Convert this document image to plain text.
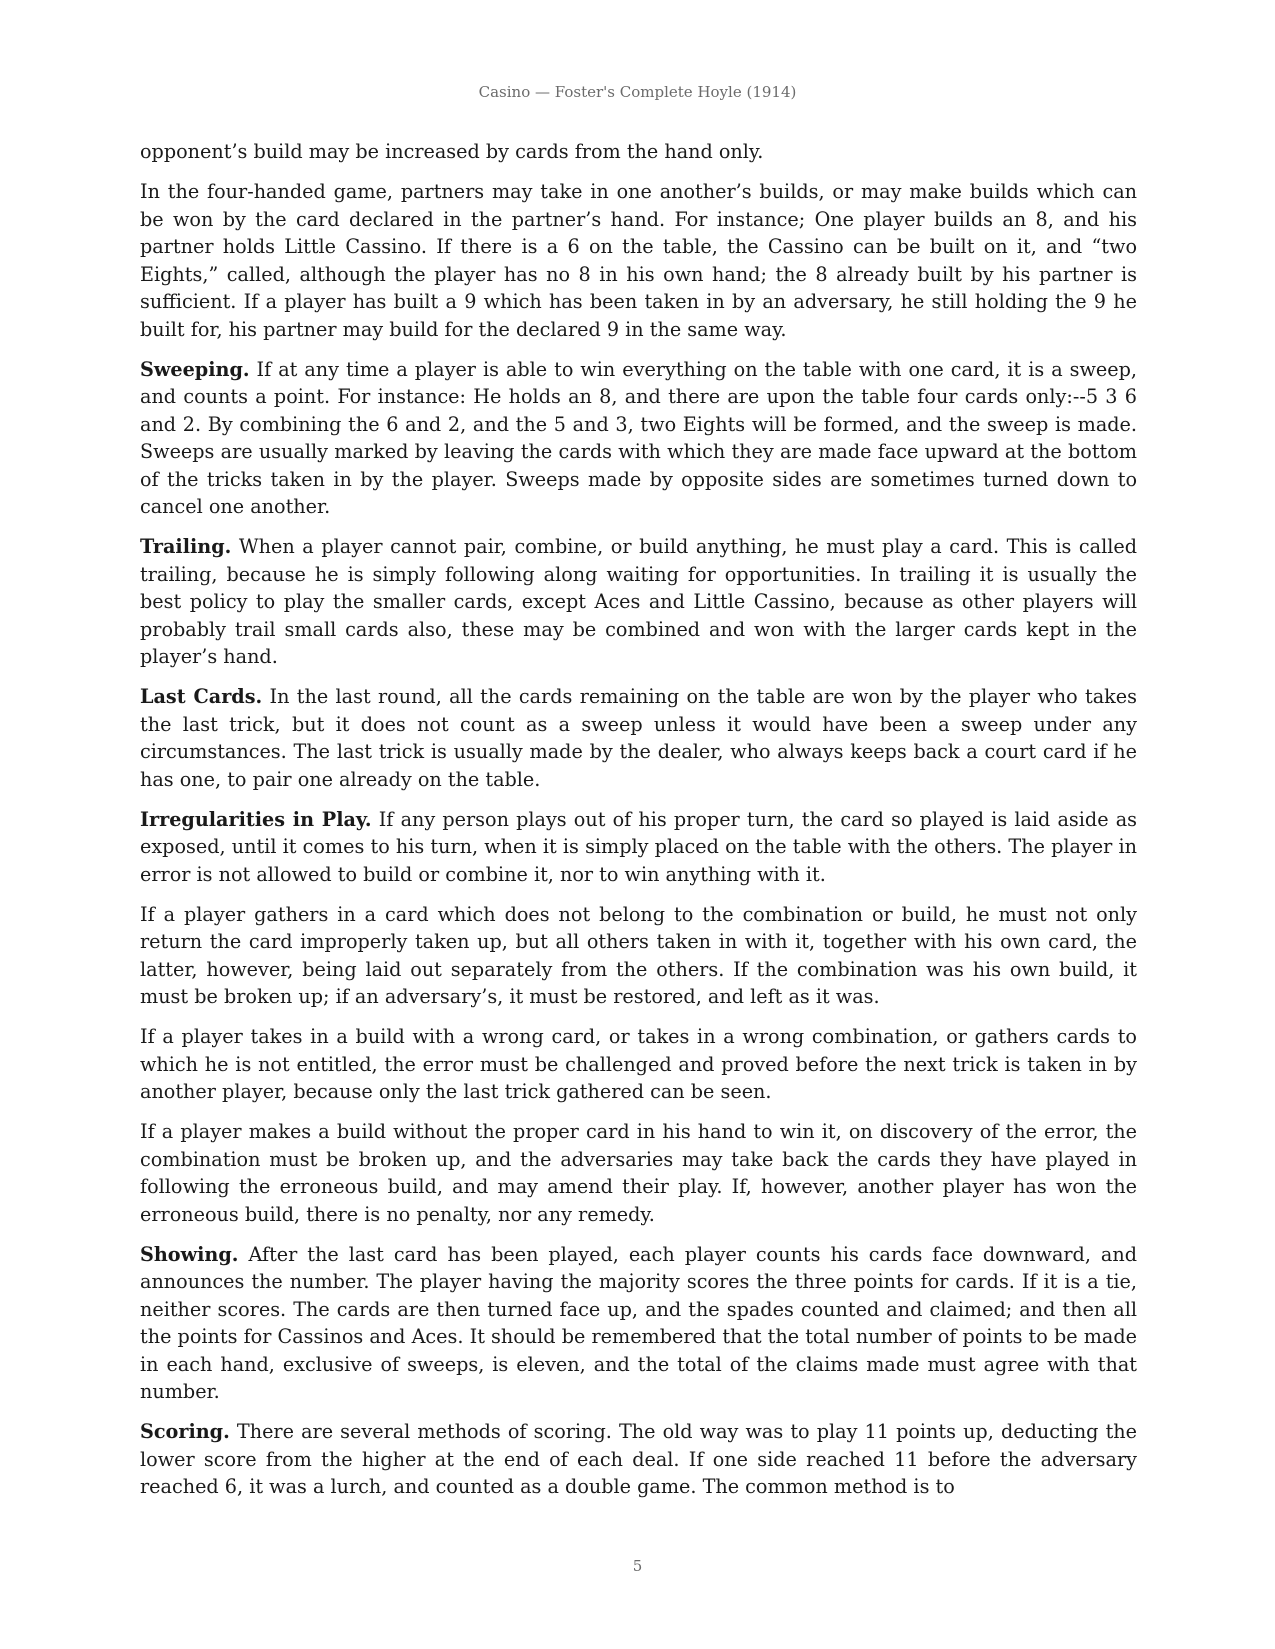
Casino — Foster's Complete Hoyle (1914)

opponent’s build may be increased by cards from the hand only.

In the four-handed game, partners may take in one another’s builds, or may make builds which can be won by the card declared in the partner’s hand. For instance; One player builds an 8, and his partner holds Little Cassino. If there is a 6 on the table, the Cassino can be built on it, and “two Eights,” called, although the player has no 8 in his own hand; the 8 already built by his partner is sufficient. If a player has built a 9 which has been taken in by an adversary, he still holding the 9 he built for, his partner may build for the declared 9 in the same way.

Sweeping. If at any time a player is able to win everything on the table with one card, it is a sweep, and counts a point. For instance: He holds an 8, and there are upon the table four cards only:--5 3 6 and 2. By combining the 6 and 2, and the 5 and 3, two Eights will be formed, and the sweep is made. Sweeps are usually marked by leaving the cards with which they are made face upward at the bottom of the tricks taken in by the player. Sweeps made by opposite sides are sometimes turned down to cancel one another.

Trailing. When a player cannot pair, combine, or build anything, he must play a card. This is called trailing, because he is simply following along waiting for opportunities. In trailing it is usually the best policy to play the smaller cards, except Aces and Little Cassino, because as other players will probably trail small cards also, these may be combined and won with the larger cards kept in the player’s hand.

Last Cards. In the last round, all the cards remaining on the table are won by the player who takes the last trick, but it does not count as a sweep unless it would have been a sweep under any circumstances. The last trick is usually made by the dealer, who always keeps back a court card if he has one, to pair one already on the table.

Irregularities in Play. If any person plays out of his proper turn, the card so played is laid aside as exposed, until it comes to his turn, when it is simply placed on the table with the others. The player in error is not allowed to build or combine it, nor to win anything with it.

If a player gathers in a card which does not belong to the combination or build, he must not only return the card improperly taken up, but all others taken in with it, together with his own card, the latter, however, being laid out separately from the others. If the combination was his own build, it must be broken up; if an adversary’s, it must be restored, and left as it was.

If a player takes in a build with a wrong card, or takes in a wrong combination, or gathers cards to which he is not entitled, the error must be challenged and proved before the next trick is taken in by another player, because only the last trick gathered can be seen.

If a player makes a build without the proper card in his hand to win it, on discovery of the error, the combination must be broken up, and the adversaries may take back the cards they have played in following the erroneous build, and may amend their play. If, however, another player has won the erroneous build, there is no penalty, nor any remedy.

Showing. After the last card has been played, each player counts his cards face downward, and announces the number. The player having the majority scores the three points for cards. If it is a tie, neither scores. The cards are then turned face up, and the spades counted and claimed; and then all the points for Cassinos and Aces. It should be remembered that the total number of points to be made in each hand, exclusive of sweeps, is eleven, and the total of the claims made must agree with that number.

Scoring. There are several methods of scoring. The old way was to play 11 points up, deducting the lower score from the higher at the end of each deal. If one side reached 11 before the adversary reached 6, it was a lurch, and counted as a double game. The common method is to

5
